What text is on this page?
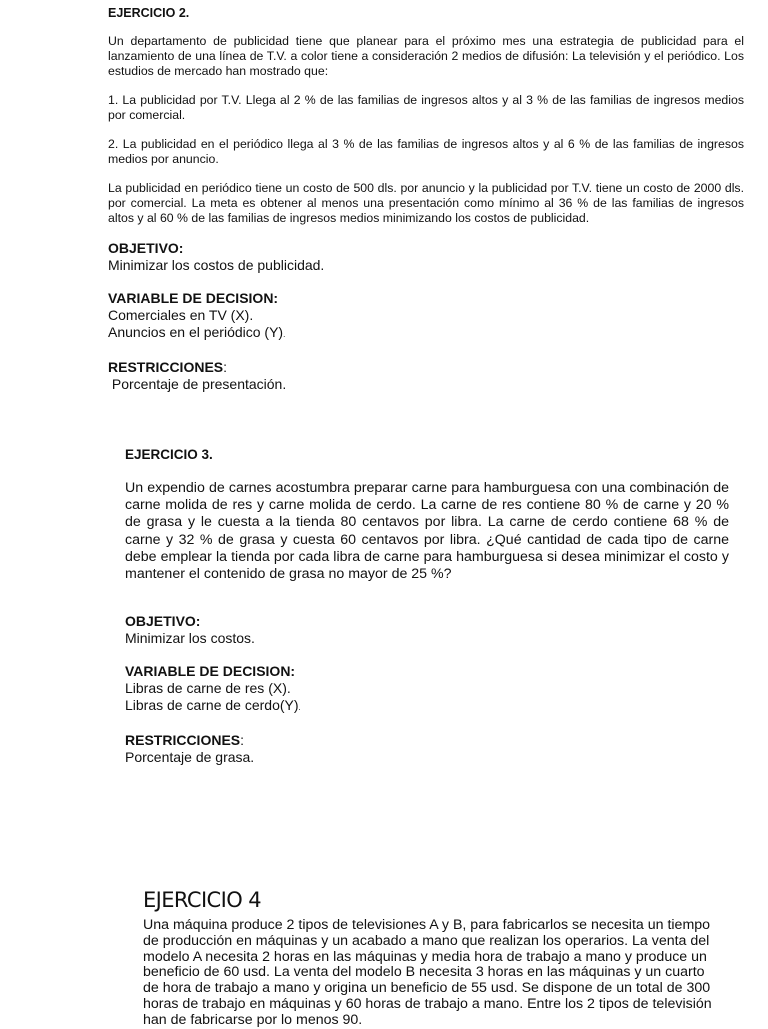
EJERCICIO 2.

Un departamento de publicidad tiene que planear para el próximo mes una estrategia de publicidad para el lanzamiento de una línea de T.V. a color tiene a consideración 2 medios de difusión: La televisión y el periódico. Los estudios de mercado han mostrado que:

1. La publicidad por T.V. Llega al 2 % de las familias de ingresos altos y al 3 % de las familias de ingresos medios por comercial.

2. La publicidad en el periódico llega al 3 % de las familias de ingresos altos y al 6 % de las familias de ingresos medios por anuncio.

La publicidad en periódico tiene un costo de 500 dls. por anuncio y la publicidad por T.V. tiene un costo de 2000 dls. por comercial. La meta es obtener al menos una presentación como mínimo al 36 % de las familias de ingresos altos y al 60 % de las familias de ingresos medios minimizando los costos de publicidad.

OBJETIVO:

Minimizar los costos de publicidad.

VARIABLE DE DECISION:

Comerciales en TV (X).

Anuncios en el periódico (Y).

RESTRICCIONES:

Porcentaje de presentación.

EJERCICIO 3.

Un expendio de carnes acostumbra preparar carne para hamburguesa con una combinación de carne molida de res y carne molida de cerdo. La carne de res contiene 80 % de carne y 20 % de grasa y le cuesta a la tienda 80 centavos por libra. La carne de cerdo contiene 68 % de carne y 32 % de grasa y cuesta 60 centavos por libra. ¿Qué cantidad de cada tipo de carne debe emplear la tienda por cada libra de carne para hamburguesa si desea minimizar el costo y mantener el contenido de grasa no mayor de 25 %?

OBJETIVO:

Minimizar los costos.

VARIABLE DE DECISION:

Libras de carne de res (X).

Libras de carne de cerdo(Y).

RESTRICCIONES:

Porcentaje de grasa.

EJERCICIO 4

Una máquina produce 2 tipos de televisiones A y B, para fabricarlos se necesita un tiempo de producción en máquinas y un acabado a mano que realizan los operarios. La venta del modelo A necesita 2 horas en las máquinas y media hora de trabajo a mano y produce un beneficio de 60 usd. La venta del modelo B necesita 3 horas en las máquinas y un cuarto de hora de trabajo a mano y origina un beneficio de 55 usd. Se dispone de un total de 300 horas de trabajo en máquinas y 60 horas de trabajo a mano. Entre los 2 tipos de televisión han de fabricarse por lo menos 90.
